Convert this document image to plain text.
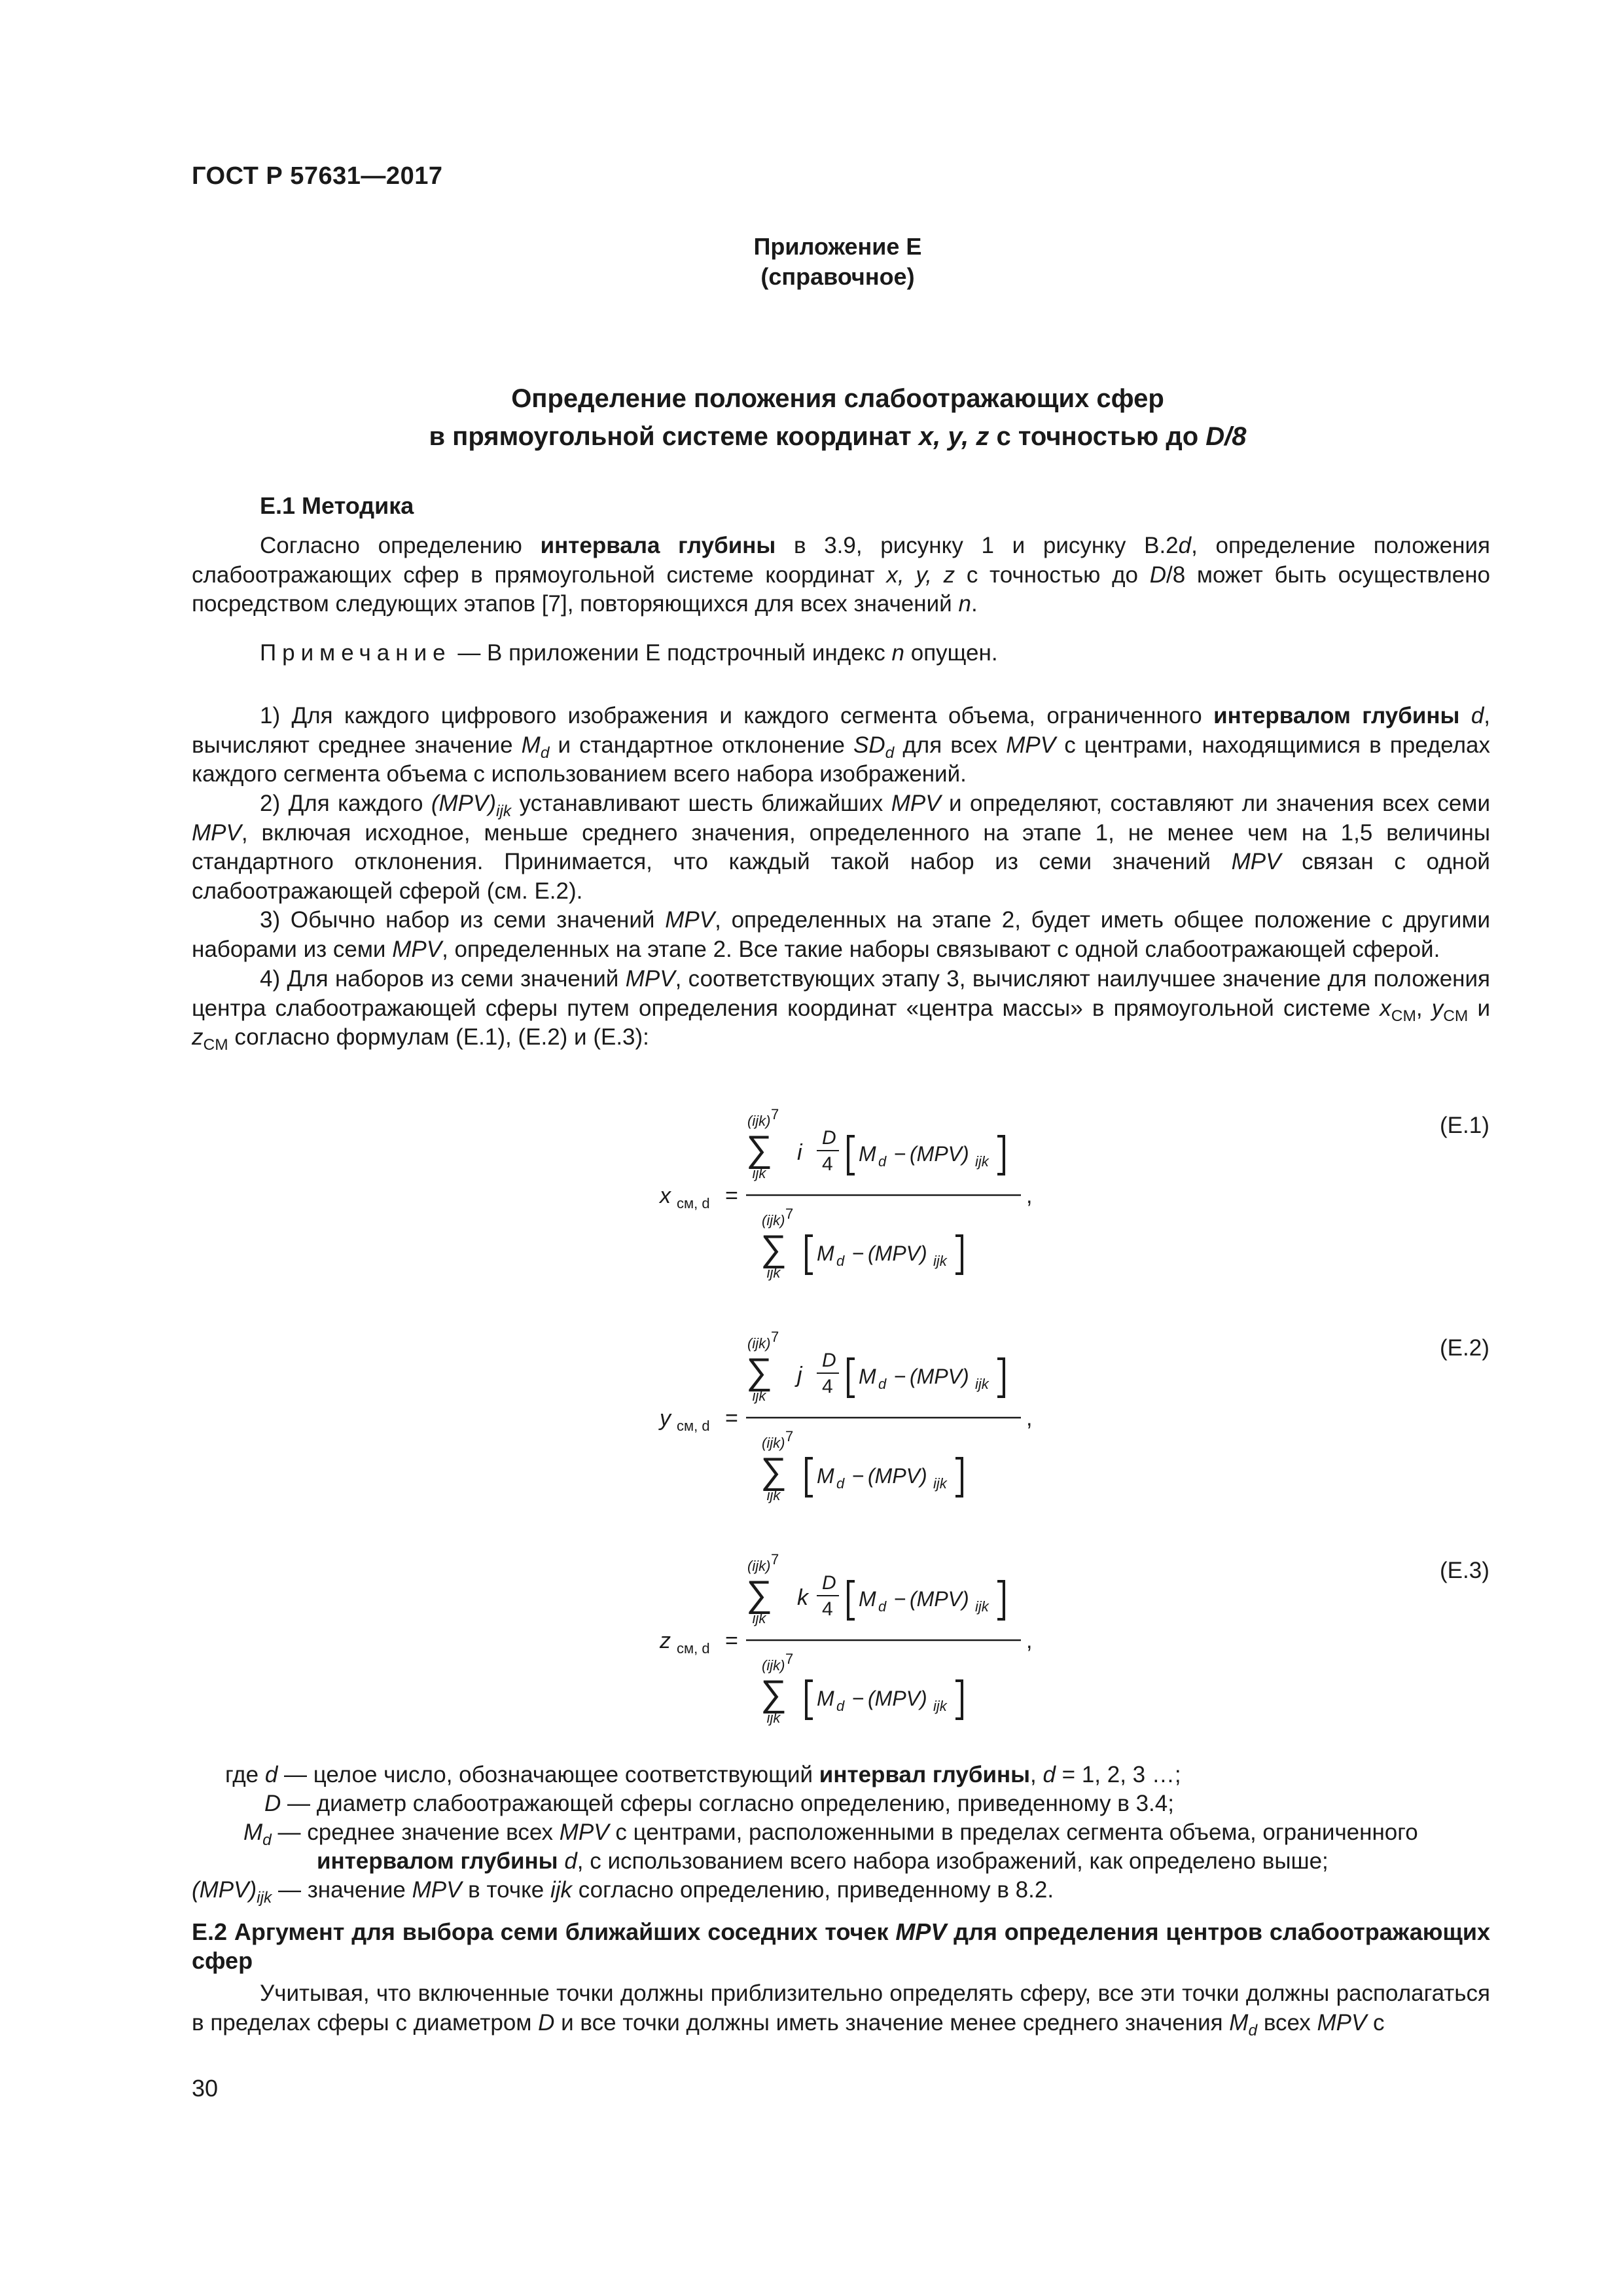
ГОСТ Р 57631—2017
Приложение Е
(справочное)
Определение положения слабоотражающих сфер
в прямоугольной системе координат x, y, z с точностью до D/8
Е.1 Методика

Согласно определению интервала глубины в 3.9, рисунку 1 и рисунку В.2d, определение положения слабоотражающих сфер в прямоугольной системе координат x, y, z с точностью до D/8 может быть осуществлено посредством следующих этапов [7], повторяющихся для всех значений n.

Примечание — В приложении Е подстрочный индекс n опущен.

1) Для каждого цифрового изображения и каждого сегмента объема, ограниченного интервалом глубины d, вычисляют среднее значение $M_d$ и стандартное отклонение $SD_d$ для всех MPV с центрами, находящимися в пределах каждого сегмента объема с использованием всего набора изображений.

2) Для каждого $(MPV)_{ijk}$ устанавливают шесть ближайших MPV и определяют, составляют ли значения всех семи MPV, включая исходное, меньше среднего значения, определенного на этапе 1, не менее чем на 1,5 величины стандартного отклонения. Принимается, что каждый такой набор из семи значений MPV связан с одной слабоотражающей сферой (см. Е.2).

3) Обычно набор из семи значений MPV, определенных на этапе 2, будет иметь общее положение с другими наборами из семи MPV, определенных на этапе 2. Все такие наборы связывают с одной слабоотражающей сферой.

4) Для наборов из семи значений MPV, соответствующих этапу 3, вычисляют наилучшее значение для положения центра слабоотражающей сферы путем определения координат «центра массы» в прямоугольной системе $x_{CM}$, $y_{CM}$ и $z_{CM}$ согласно формулам (Е.1), (Е.2) и (Е.3):

(Е.1)
x см, d =
(ijk) 7
∑
ijk
i
D
4 M d − (MPV) ijk
,
(ijk) 7
∑
ijk
M d − (MPV) ijk
(Е.2)
y см, d =
(ijk) 7
∑
ijk
j
D
4 M d − (MPV) ijk
,
(ijk) 7
∑
ijk
M d − (MPV) ijk
(Е.3)
z см, d =
(ijk) 7
∑
ijk
k
D
4 M d − (MPV) ijk
,
(ijk) 7
∑
ijk
M d − (MPV) ijk
где d — целое число, обозначающее соответствующий интервал глубины, d = 1, 2, 3 …;
D — диаметр слабоотражающей сферы согласно определению, приведенному в 3.4;
$M_d$ — среднее значение всех MPV с центрами, расположенными в пределах сегмента объема, ограниченного
интервалом глубины d, с использованием всего набора изображений, как определено выше;
$(MPV)_{ijk}$ — значение MPV в точке ijk согласно определению, приведенному в 8.2.
Е.2 Аргумент для выбора семи ближайших соседних точек MPV для определения центров слабоотражающих сфер

Учитывая, что включенные точки должны приблизительно определять сферу, все эти точки должны располагаться в пределах сферы с диаметром D и все точки должны иметь значение менее среднего значения $M_d$ всех MPV с

30
